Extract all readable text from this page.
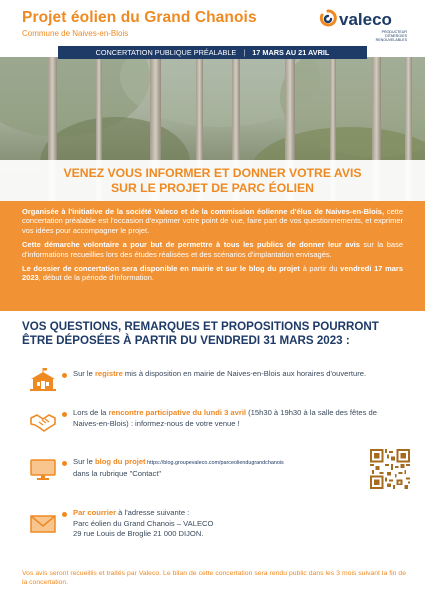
Projet éolien du Grand Chanois
Commune de Naives-en-Blois
valeco
PRODUCTEUR D'ÉNERGIES RENOUVELABLES
CONCERTATION PUBLIQUE PRÉALABLE | 17 MARS AU 21 AVRIL
VENEZ VOUS INFORMER ET DONNER VOTRE AVIS
SUR LE PROJET DE PARC ÉOLIEN

Organisée à l'initiative de la société Valeco et de la commission éolienne d'élus de Naives-en-Blois, cette concertation préalable est l'occasion d'exprimer votre point de vue, faire part de vos questionnements, et exprimer vos idées pour accompagner le projet.

Cette démarche volontaire a pour but de permettre à tous les publics de donner leur avis sur la base d'informations recueillies lors des études réalisées et des scénarios d'implantation envisagés.

Le dossier de concertation sera disponible en mairie et sur le blog du projet à partir du vendredi 17 mars 2023, début de la période d'information.

VOS QUESTIONS, REMARQUES ET PROPOSITIONS POURRONT
ÊTRE DÉPOSÉES À PARTIR DU VENDREDI 31 MARS 2023 :
Sur le registre mis à disposition en mairie de Naives-en-Blois aux horaires d'ouverture.
Lors de la rencontre participative du lundi 3 avril (15h30 à 19h30 à la salle des fêtes de Naives-en-Blois) : informez-nous de votre venue !
Sur le blog du projet https://blog.groupevaleco.com/parceoliendugrandchanois
dans la rubrique "Contact"
Par courrier à l'adresse suivante :
Parc éolien du Grand Chanois – VALECO
29 rue Louis de Broglie 21 000 DIJON.
Vos avis seront recueillis et traités par Valeco. Le bilan de cette concertation sera rendu public dans les 3 mois suivant la fin de la concertation.
